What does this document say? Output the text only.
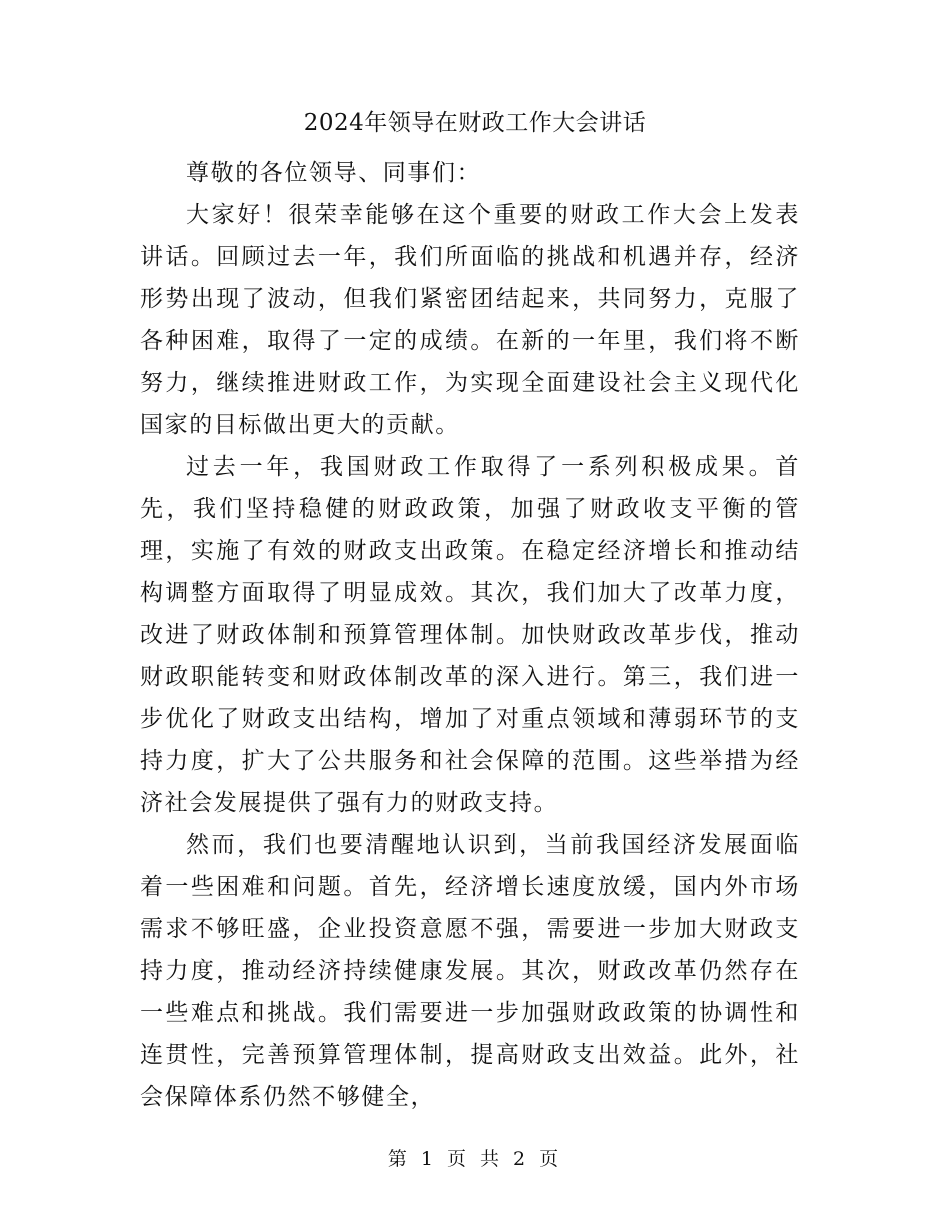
2024年领导在财政工作大会讲话

尊敬的各位领导、同事们：

大家好！很荣幸能够在这个重要的财政工作大会上发表讲话。回顾过去一年，我们所面临的挑战和机遇并存，经济形势出现了波动，但我们紧密团结起来，共同努力，克服了各种困难，取得了一定的成绩。在新的一年里，我们将不断努力，继续推进财政工作，为实现全面建设社会主义现代化国家的目标做出更大的贡献。

过去一年，我国财政工作取得了一系列积极成果。首先，我们坚持稳健的财政政策，加强了财政收支平衡的管理，实施了有效的财政支出政策。在稳定经济增长和推动结构调整方面取得了明显成效。其次，我们加大了改革力度，改进了财政体制和预算管理体制。加快财政改革步伐，推动财政职能转变和财政体制改革的深入进行。第三，我们进一步优化了财政支出结构，增加了对重点领域和薄弱环节的支持力度，扩大了公共服务和社会保障的范围。这些举措为经济社会发展提供了强有力的财政支持。

然而，我们也要清醒地认识到，当前我国经济发展面临着一些困难和问题。首先，经济增长速度放缓，国内外市场需求不够旺盛，企业投资意愿不强，需要进一步加大财政支持力度，推动经济持续健康发展。其次，财政改革仍然存在一些难点和挑战。我们需要进一步加强财政政策的协调性和连贯性，完善预算管理体制，提高财政支出效益。此外，社会保障体系仍然不够健全，

第 1 页 共 2 页
